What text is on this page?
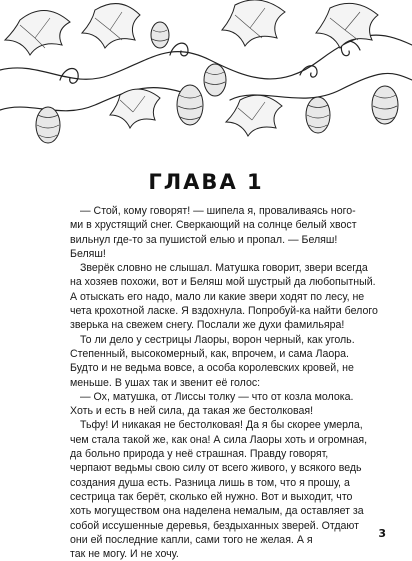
ГЛАВА 1

— Стой, кому говорят! — шипела я, проваливаясь ного-
ми в хрустящий снег. Сверкающий на солнце белый хвост
вильнул где-то за пушистой елью и пропал. — Беляш!
Беляш!

Зверёк словно не слышал. Матушка говорит, звери всегда
на хозяев похожи, вот и Беляш мой шустрый да любопытный.
А отыскать его надо, мало ли какие звери ходят по лесу, не
чета крохотной ласке. Я вздохнула. Попробуй-ка найти белого
зверька на свежем снегу. Послали же духи фамильяра!

То ли дело у сестрицы Лаоры, ворон черный, как уголь.
Степенный, высокомерный, как, впрочем, и сама Лаора.
Будто и не ведьма вовсе, а особа королевских кровей, не
меньше. В ушах так и звенит её голос:

— Ох, матушка, от Лиссы толку — что от козла молока.
Хоть и есть в ней сила, да такая же бестолковая!

Тьфу! И никакая не бестолковая! Да я бы скорее умерла,
чем стала такой же, как она! А сила Лаоры хоть и огромная,
да больно природа у неё страшная. Правду говорят,
черпают ведьмы свою силу от всего живого, у всякого ведь
создания душа есть. Разница лишь в том, что я прошу, а
сестрица так берёт, сколько ей нужно. Вот и выходит, что
хоть могуществом она наделена немалым, да оставляет за
собой иссушенные деревья, бездыханных зверей. Отдают
они ей последние капли, сами того не желая. А я
так не могу. И не хочу.

3
